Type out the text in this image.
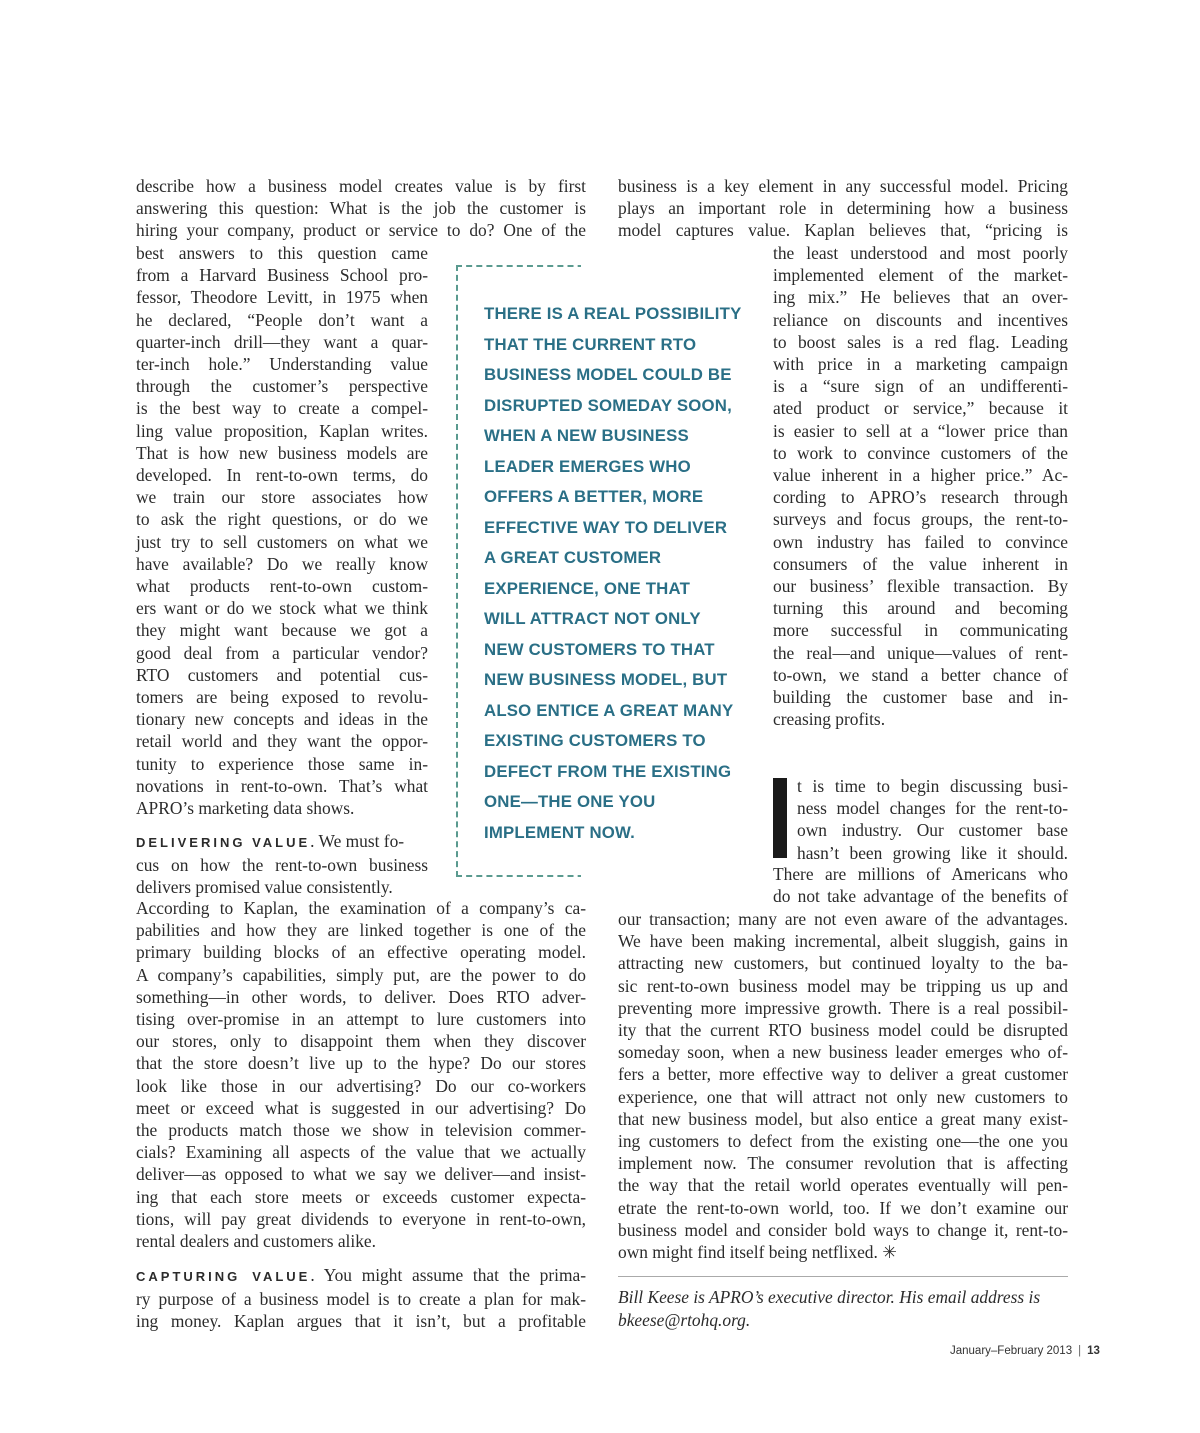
describe how a business model creates value is by first
answering this question: What is the job the customer is
hiring your company, product or service to do? One of the
best answers to this question came
from a Harvard Business School pro-
fessor, Theodore Levitt, in 1975 when
he declared, “People don’t want a
quarter-inch drill—they want a quar-
ter-inch hole.” Understanding value
through the customer’s perspective
is the best way to create a compel-
ling value proposition, Kaplan writes.
That is how new business models are
developed. In rent-to-own terms, do
we train our store associates how
to ask the right questions, or do we
just try to sell customers on what we
have available? Do we really know
what products rent-to-own custom-
ers want or do we stock what we think
they might want because we got a
good deal from a particular vendor?
RTO customers and potential cus-
tomers are being exposed to revolu-
tionary new concepts and ideas in the
retail world and they want the oppor-
tunity to experience those same in-
novations in rent-to-own. That’s what
APRO’s marketing data shows.
DELIVERING VALUE. We must fo-
cus on how the rent-to-own business
delivers promised value consistently.
According to Kaplan, the examination of a company’s ca-
pabilities and how they are linked together is one of the
primary building blocks of an effective operating model.
A company’s capabilities, simply put, are the power to do
something—in other words, to deliver. Does RTO adver-
tising over-promise in an attempt to lure customers into
our stores, only to disappoint them when they discover
that the store doesn’t live up to the hype? Do our stores
look like those in our advertising? Do our co-workers
meet or exceed what is suggested in our advertising? Do
the products match those we show in television commer-
cials? Examining all aspects of the value that we actually
deliver—as opposed to what we say we deliver—and insist-
ing that each store meets or exceeds customer expecta-
tions, will pay great dividends to everyone in rent-to-own,
rental dealers and customers alike.
CAPTURING VALUE. You might assume that the prima-
ry purpose of a business model is to create a plan for mak-
ing money. Kaplan argues that it isn’t, but a profitable
business is a key element in any successful model. Pricing
plays an important role in determining how a business
model captures value. Kaplan believes that, “pricing is
the least understood and most poorly
implemented element of the market-
ing mix.” He believes that an over-
reliance on discounts and incentives
to boost sales is a red flag. Leading
with price in a marketing campaign
is a “sure sign of an undifferenti-
ated product or service,” because it
is easier to sell at a “lower price than
to work to convince customers of the
value inherent in a higher price.” Ac-
cording to APRO’s research through
surveys and focus groups, the rent-to-
own industry has failed to convince
consumers of the value inherent in
our business’ flexible transaction. By
turning this around and becoming
more successful in communicating
the real—and unique—values of rent-
to-own, we stand a better chance of
building the customer base and in-
creasing profits.
THERE IS A REAL POSSIBILITY
THAT THE CURRENT RTO
BUSINESS MODEL COULD BE
DISRUPTED SOMEDAY SOON,
WHEN A NEW BUSINESS
LEADER EMERGES WHO
OFFERS A BETTER, MORE
EFFECTIVE WAY TO DELIVER
A GREAT CUSTOMER
EXPERIENCE, ONE THAT
WILL ATTRACT NOT ONLY
NEW CUSTOMERS TO THAT
NEW BUSINESS MODEL, BUT
ALSO ENTICE A GREAT MANY
EXISTING CUSTOMERS TO
DEFECT FROM THE EXISTING
ONE—THE ONE YOU
IMPLEMENT NOW.
t is time to begin discussing busi-
ness model changes for the rent-to-
own industry. Our customer base
hasn’t been growing like it should.
There are millions of Americans who
do not take advantage of the benefits of
our transaction; many are not even aware of the advantages.
We have been making incremental, albeit sluggish, gains in
attracting new customers, but continued loyalty to the ba-
sic rent-to-own business model may be tripping us up and
preventing more impressive growth. There is a real possibil-
ity that the current RTO business model could be disrupted
someday soon, when a new business leader emerges who of-
fers a better, more effective way to deliver a great customer
experience, one that will attract not only new customers to
that new business model, but also entice a great many exist-
ing customers to defect from the existing one—the one you
implement now. The consumer revolution that is affecting
the way that the retail world operates eventually will pen-
etrate the rent-to-own world, too. If we don’t examine our
business model and consider bold ways to change it, rent-to-
own might find itself being netflixed. ✳
Bill Keese is APRO’s executive director. His email address is
bkeese@rtohq.org.
January–February 2013 | 13
